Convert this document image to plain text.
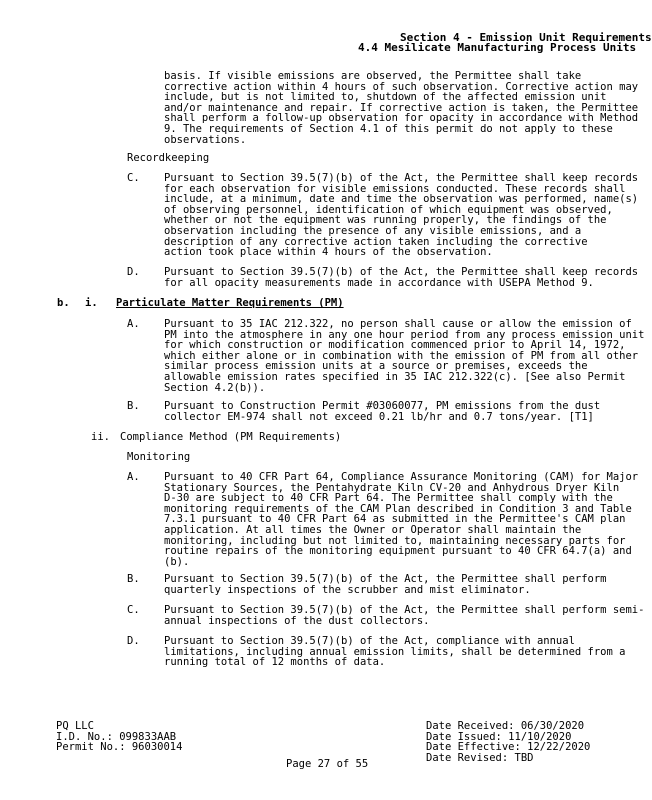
Section 4 - Emission Unit Requirements
4.4 Mesilicate Manufacturing Process Units
basis. If visible emissions are observed, the Permittee shall take
corrective action within 4 hours of such observation. Corrective action may
include, but is not limited to, shutdown of the affected emission unit
and/or maintenance and repair. If corrective action is taken, the Permittee
shall perform a follow-up observation for opacity in accordance with Method
9. The requirements of Section 4.1 of this permit do not apply to these
observations.
Recordkeeping
C. Pursuant to Section 39.5(7)(b) of the Act, the Permittee shall keep records
for each observation for visible emissions conducted. These records shall
include, at a minimum, date and time the observation was performed, name(s)
of observing personnel, identification of which equipment was observed,
whether or not the equipment was running properly, the findings of the
observation including the presence of any visible emissions, and a
description of any corrective action taken including the corrective
action took place within 4 hours of the observation.
D. Pursuant to Section 39.5(7)(b) of the Act, the Permittee shall keep records
for all opacity measurements made in accordance with USEPA Method 9.
b. i. Particulate Matter Requirements (PM)
A. Pursuant to 35 IAC 212.322, no person shall cause or allow the emission of
PM into the atmosphere in any one hour period from any process emission unit
for which construction or modification commenced prior to April 14, 1972,
which either alone or in combination with the emission of PM from all other
similar process emission units at a source or premises, exceeds the
allowable emission rates specified in 35 IAC 212.322(c). [See also Permit
Section 4.2(b)).
B. Pursuant to Construction Permit #03060077, PM emissions from the dust
collector EM-974 shall not exceed 0.21 lb/hr and 0.7 tons/year. [T1]
ii. Compliance Method (PM Requirements)
Monitoring
A. Pursuant to 40 CFR Part 64, Compliance Assurance Monitoring (CAM) for Major
Stationary Sources, the Pentahydrate Kiln CV-20 and Anhydrous Dryer Kiln
D-30 are subject to 40 CFR Part 64. The Permittee shall comply with the
monitoring requirements of the CAM Plan described in Condition 3 and Table
7.3.1 pursuant to 40 CFR Part 64 as submitted in the Permittee's CAM plan
application. At all times the Owner or Operator shall maintain the
monitoring, including but not limited to, maintaining necessary parts for
routine repairs of the monitoring equipment pursuant to 40 CFR 64.7(a) and
(b).
B. Pursuant to Section 39.5(7)(b) of the Act, the Permittee shall perform
quarterly inspections of the scrubber and mist eliminator.
C. Pursuant to Section 39.5(7)(b) of the Act, the Permittee shall perform semi-
annual inspections of the dust collectors.
D. Pursuant to Section 39.5(7)(b) of the Act, compliance with annual
limitations, including annual emission limits, shall be determined from a
running total of 12 months of data.
PQ LLC
I.D. No.: 099833AAB
Permit No.: 96030014
Date Received: 06/30/2020
Date Issued: 11/10/2020
Date Effective: 12/22/2020
Date Revised: TBD
Page 27 of 55
